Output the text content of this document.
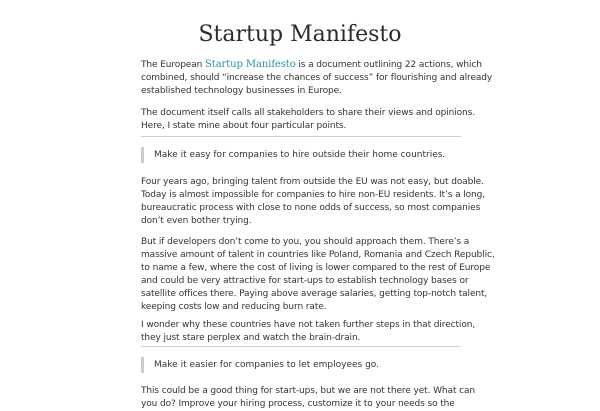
Startup Manifesto

The European Startup Manifesto is a document outlining 22 actions, which
combined, should “increase the chances of success” for flourishing and already
established technology businesses in Europe.

The document itself calls all stakeholders to share their views and opinions.
Here, I state mine about four particular points.

Make it easy for companies to hire outside their home countries.

Four years ago, bringing talent from outside the EU was not easy, but doable.
Today is almost impossible for companies to hire non-EU residents. It’s a long,
bureaucratic process with close to none odds of success, so most companies
don’t even bother trying.

But if developers don’t come to you, you should approach them. There’s a
massive amount of talent in countries like Poland, Romania and Czech Republic,
to name a few, where the cost of living is lower compared to the rest of Europe
and could be very attractive for start-ups to establish technology bases or
satellite offices there. Paying above average salaries, getting top-notch talent,
keeping costs low and reducing burn rate.

I wonder why these countries have not taken further steps in that direction,
they just stare perplex and watch the brain-drain.

Make it easier for companies to let employees go.

This could be a good thing for start-ups, but we are not there yet. What can
you do? Improve your hiring process, customize it to your needs so the
